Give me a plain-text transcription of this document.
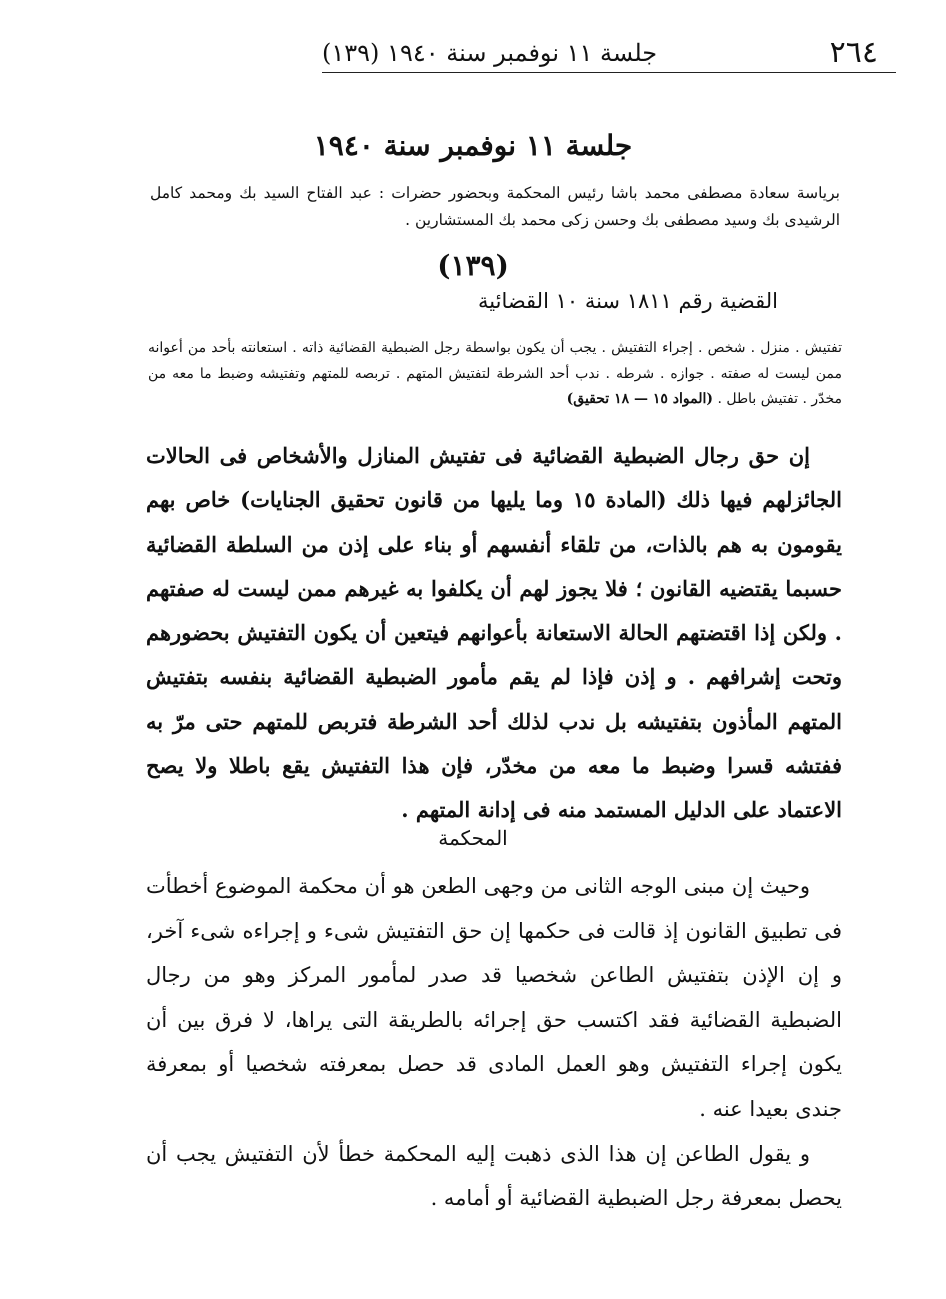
٢٦٤
جلسة ١١ نوفمبر سنة ١٩٤٠ (١٣٩)
جلسة ١١ نوفمبر سنة ١٩٤٠
برياسة سعادة مصطفى محمد باشا رئيس المحكمة وبحضور حضرات : عبد الفتاح السيد بك ومحمد كامل الرشيدى بك وسيد مصطفى بك وحسن زكى محمد بك المستشارين .
(١٣٩)
القضية رقم ١٨١١ سنة ١٠ القضائية
تفتيش . منزل . شخص . إجراء التفتيش . يجب أن يكون بواسطة رجل الضبطية القضائية ذاته . استعانته بأحد من أعوانه ممن ليست له صفته . جوازه . شرطه . ندب أحد الشرطة لتفتيش المتهم . تربصه للمتهم وتفتيشه وضبط ما معه من مخدّر . تفتيش باطل . (المواد ١٥ — ١٨ تحقيق)
إن حق رجال الضبطية القضائية فى تفتيش المنازل والأشخاص فى الحالات الجائزلهم فيها ذلك (المادة ١٥ وما يليها من قانون تحقيق الجنايات) خاص بهم يقومون به هم بالذات، من تلقاء أنفسهم أو بناء على إذن من السلطة القضائية حسبما يقتضيه القانون ؛ فلا يجوز لهم أن يكلفوا به غيرهم ممن ليست له صفتهم . ولكن إذا اقتضتهم الحالة الاستعانة بأعوانهم فيتعين أن يكون التفتيش بحضورهم وتحت إشرافهم . و إذن فإذا لم يقم مأمور الضبطية القضائية بنفسه بتفتيش المتهم المأذون بتفتيشه بل ندب لذلك أحد الشرطة فتربص للمتهم حتى مرّ به ففتشه قسرا وضبط ما معه من مخدّر، فإن هذا التفتيش يقع باطلا ولا يصح الاعتماد على الدليل المستمد منه فى إدانة المتهم .
المحكمة

وحيث إن مبنى الوجه الثانى من وجهى الطعن هو أن محكمة الموضوع أخطأت فى تطبيق القانون إذ قالت فى حكمها إن حق التفتيش شىء و إجراءه شىء آخر، و إن الإذن بتفتيش الطاعن شخصيا قد صدر لمأمور المركز وهو من رجال الضبطية القضائية فقد اكتسب حق إجرائه بالطريقة التى يراها، لا فرق بين أن يكون إجراء التفتيش وهو العمل المادى قد حصل بمعرفته شخصيا أو بمعرفة جندى بعيدا عنه .

و يقول الطاعن إن هذا الذى ذهبت إليه المحكمة خطأ لأن التفتيش يجب أن يحصل بمعرفة رجل الضبطية القضائية أو أمامه .
